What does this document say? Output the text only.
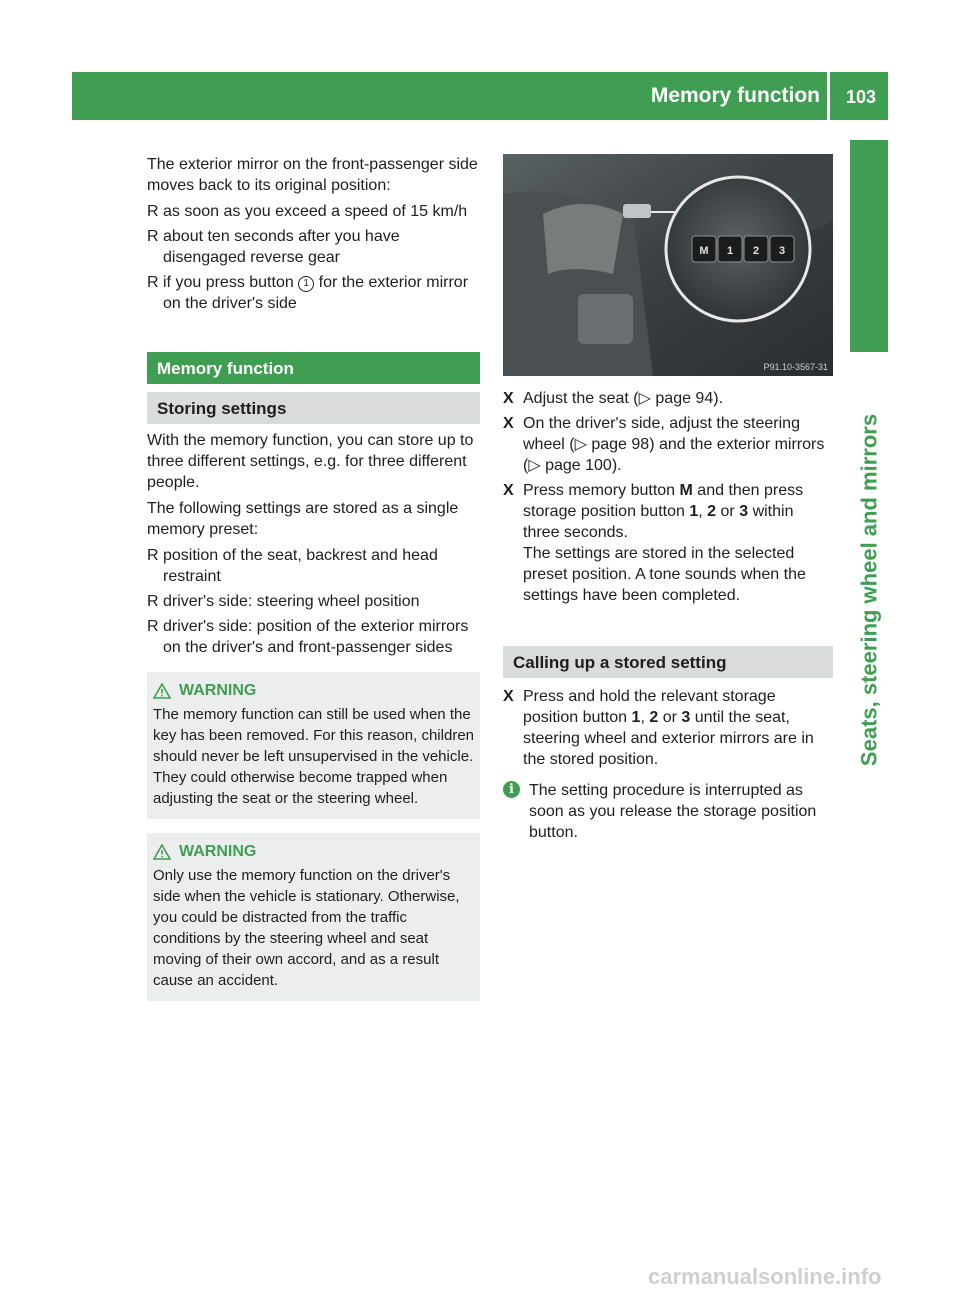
Memory function 103
Seats, steering wheel and mirrors

The exterior mirror on the front-passenger side moves back to its original position:

R as soon as you exceed a speed of 15 km/h
R about ten seconds after you have disengaged reverse gear
R if you press button 1 for the exterior mirror on the driver's side
Memory function
Storing settings

With the memory function, you can store up to three different settings, e.g. for three different people.

The following settings are stored as a single memory preset:

R position of the seat, backrest and head restraint
R driver's side: steering wheel position
R driver's side: position of the exterior mirrors on the driver's and front-passenger sides
WARNING
The memory function can still be used when the key has been removed. For this reason, children should never be left unsupervised in the vehicle. They could otherwise become trapped when adjusting the seat or the steering wheel.
WARNING
Only use the memory function on the driver's side when the vehicle is stationary. Otherwise, you could be distracted from the traffic conditions by the steering wheel and seat moving of their own accord, and as a result cause an accident.
M 1 2 3
P91.10-3567-31
X Adjust the seat (▷ page 94).
X On the driver's side, adjust the steering wheel (▷ page 98) and the exterior mirrors (▷ page 100).
X Press memory button M and then press storage position button 1, 2 or 3 within three seconds.
The settings are stored in the selected preset position. A tone sounds when the settings have been completed.
Calling up a stored setting
X Press and hold the relevant storage position button 1, 2 or 3 until the seat, steering wheel and exterior mirrors are in the stored position.
i The setting procedure is interrupted as soon as you release the storage position button.
carmanualsonline.info
